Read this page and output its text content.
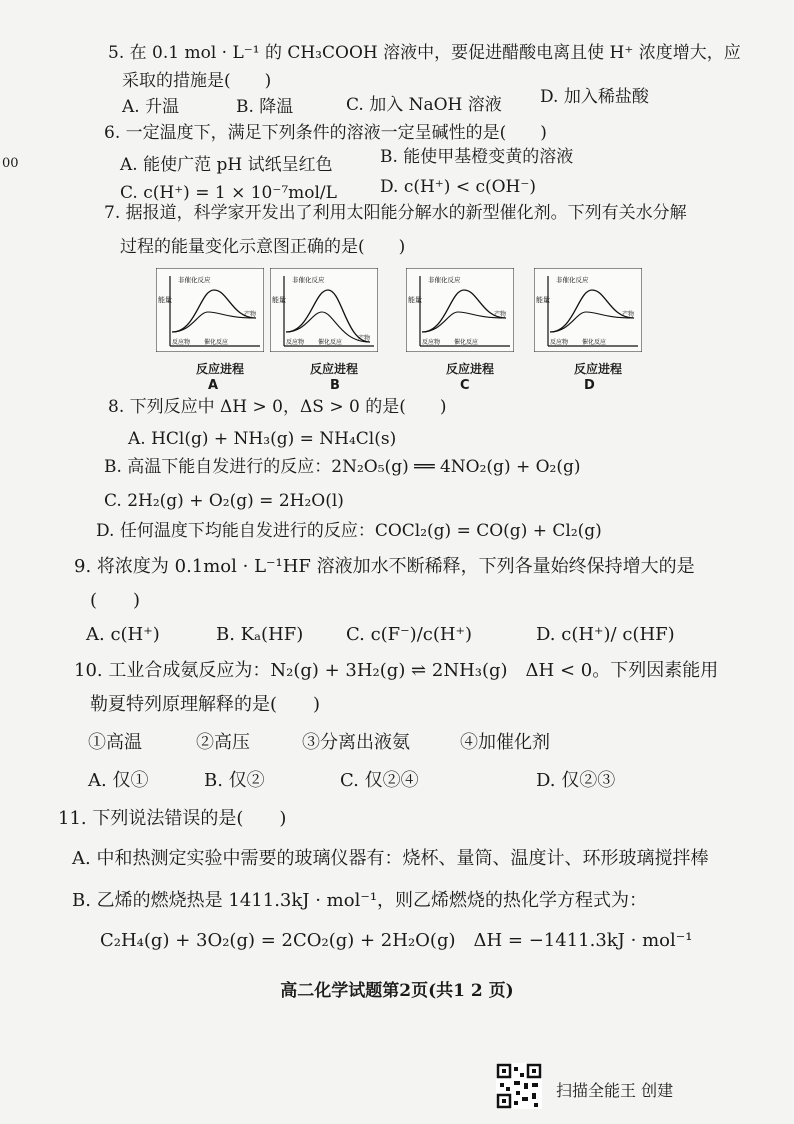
00
5. 在 0.1 mol · L⁻¹ 的 CH₃COOH 溶液中，要促进醋酸电离且使 H⁺ 浓度增大，应
采取的措施是(　　)
A. 升温	B. 降温	C. 加入 NaOH 溶液 D. 加入稀盐酸
6. 一定温度下，满足下列条件的溶液一定呈碱性的是(　　)
A. 能使广范 pH 试纸呈红色	B. 能使甲基橙变黄的溶液
C. c(H⁺) = 1 × 10⁻⁷mol/L	D. c(H⁺) < c(OH⁻)
7. 据报道，科学家开发出了利用太阳能分解水的新型催化剂。下列有关水分解
过程的能量变化示意图正确的是(　　)
能量
非催化反应
反应物 催化反应
产物
能量
非催化反应
反应物 催化反应
产物
能量
非催化反应
反应物 催化反应
产物
能量
非催化反应
反应物 催化反应
产物
A	B	C	D
8. 下列反应中 ΔH > 0，ΔS > 0 的是(　　)
A. HCl(g) + NH₃(g) = NH₄Cl(s)
B. 高温下能自发进行的反应：2N₂O₅(g) ══ 4NO₂(g) + O₂(g)
C. 2H₂(g) + O₂(g) = 2H₂O(l)
D. 任何温度下均能自发进行的反应：COCl₂(g) = CO(g) + Cl₂(g)
9. 将浓度为 0.1mol · L⁻¹HF 溶液加水不断稀释，下列各量始终保持增大的是
(　　)
A. c(H⁺)	B. Kₐ(HF) C. c(F⁻)/c(H⁺)	D. c(H⁺)/ c(HF)
10. 工业合成氨反应为：N₂(g) + 3H₂(g) ⇌ 2NH₃(g)　ΔH < 0。下列因素能用
勒夏特列原理解释的是(　　)
①高温	②高压	③分离出液氨	④加催化剂
A. 仅①	B. 仅②	C. 仅②④	D. 仅②③
11. 下列说法错误的是(　　)
A. 中和热测定实验中需要的玻璃仪器有：烧杯、量筒、温度计、环形玻璃搅拌棒
B. 乙烯的燃烧热是 1411.3kJ · mol⁻¹，则乙烯燃烧的热化学方程式为：
C₂H₄(g) + 3O₂(g) = 2CO₂(g) + 2H₂O(g)　ΔH = −1411.3kJ · mol⁻¹
高二化学试题第2页(共1 2 页)
扫描全能王 创建
反应进程	反应进程	反应进程	反应进程
